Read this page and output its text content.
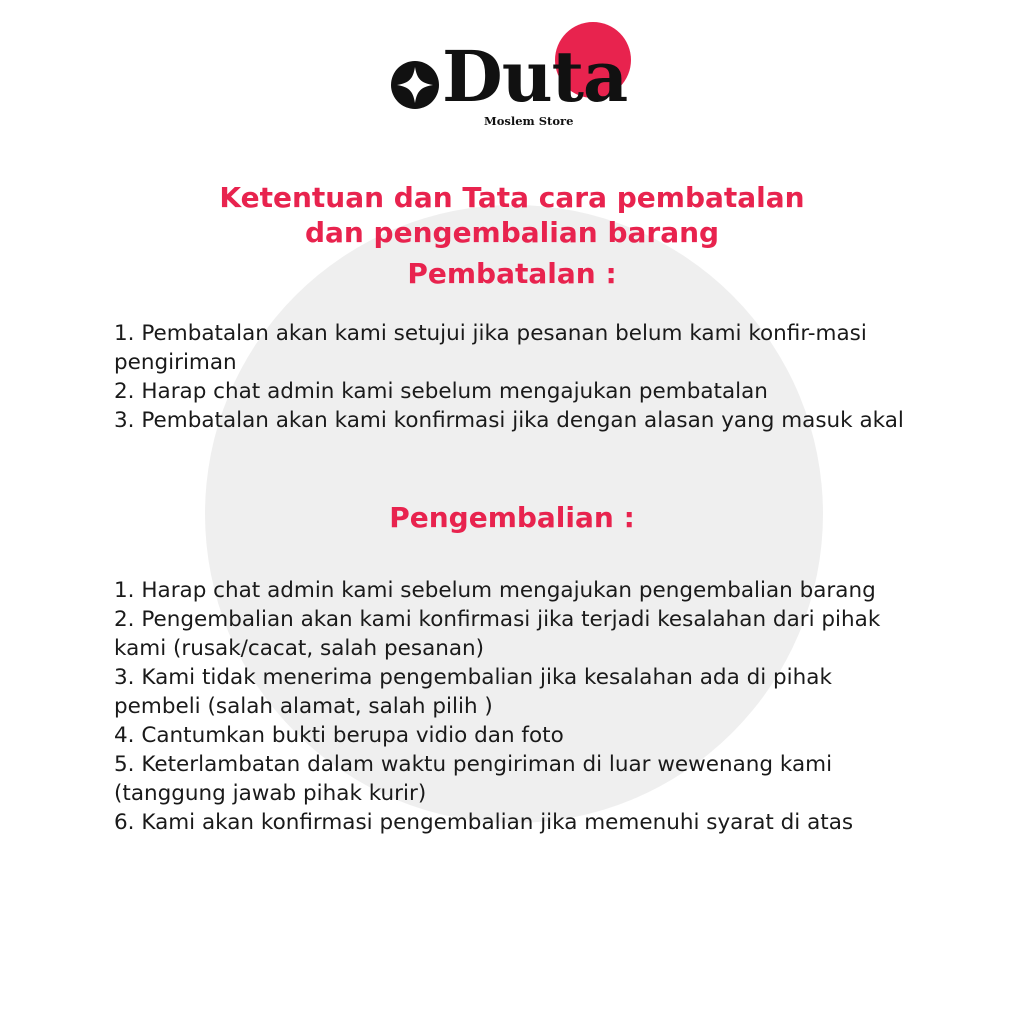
Duta
Moslem Store
Ketentuan dan Tata cara pembatalan
dan pengembalian barang
Pembatalan :
1. Pembatalan akan kami setujui jika pesanan belum kami konfir-masi pengiriman
2. Harap chat admin kami sebelum mengajukan pembatalan
3. Pembatalan akan kami konfirmasi jika dengan alasan yang masuk akal
Pengembalian :
1. Harap chat admin kami sebelum mengajukan pengembalian barang
2. Pengembalian akan kami konfirmasi jika terjadi kesalahan dari pihak kami (rusak/cacat, salah pesanan)
3. Kami tidak menerima pengembalian jika kesalahan ada di pihak pembeli (salah alamat, salah pilih )
4. Cantumkan bukti berupa vidio dan foto
5. Keterlambatan dalam waktu pengiriman di luar wewenang kami (tanggung jawab pihak kurir)
6. Kami akan konfirmasi pengembalian jika memenuhi syarat di atas
